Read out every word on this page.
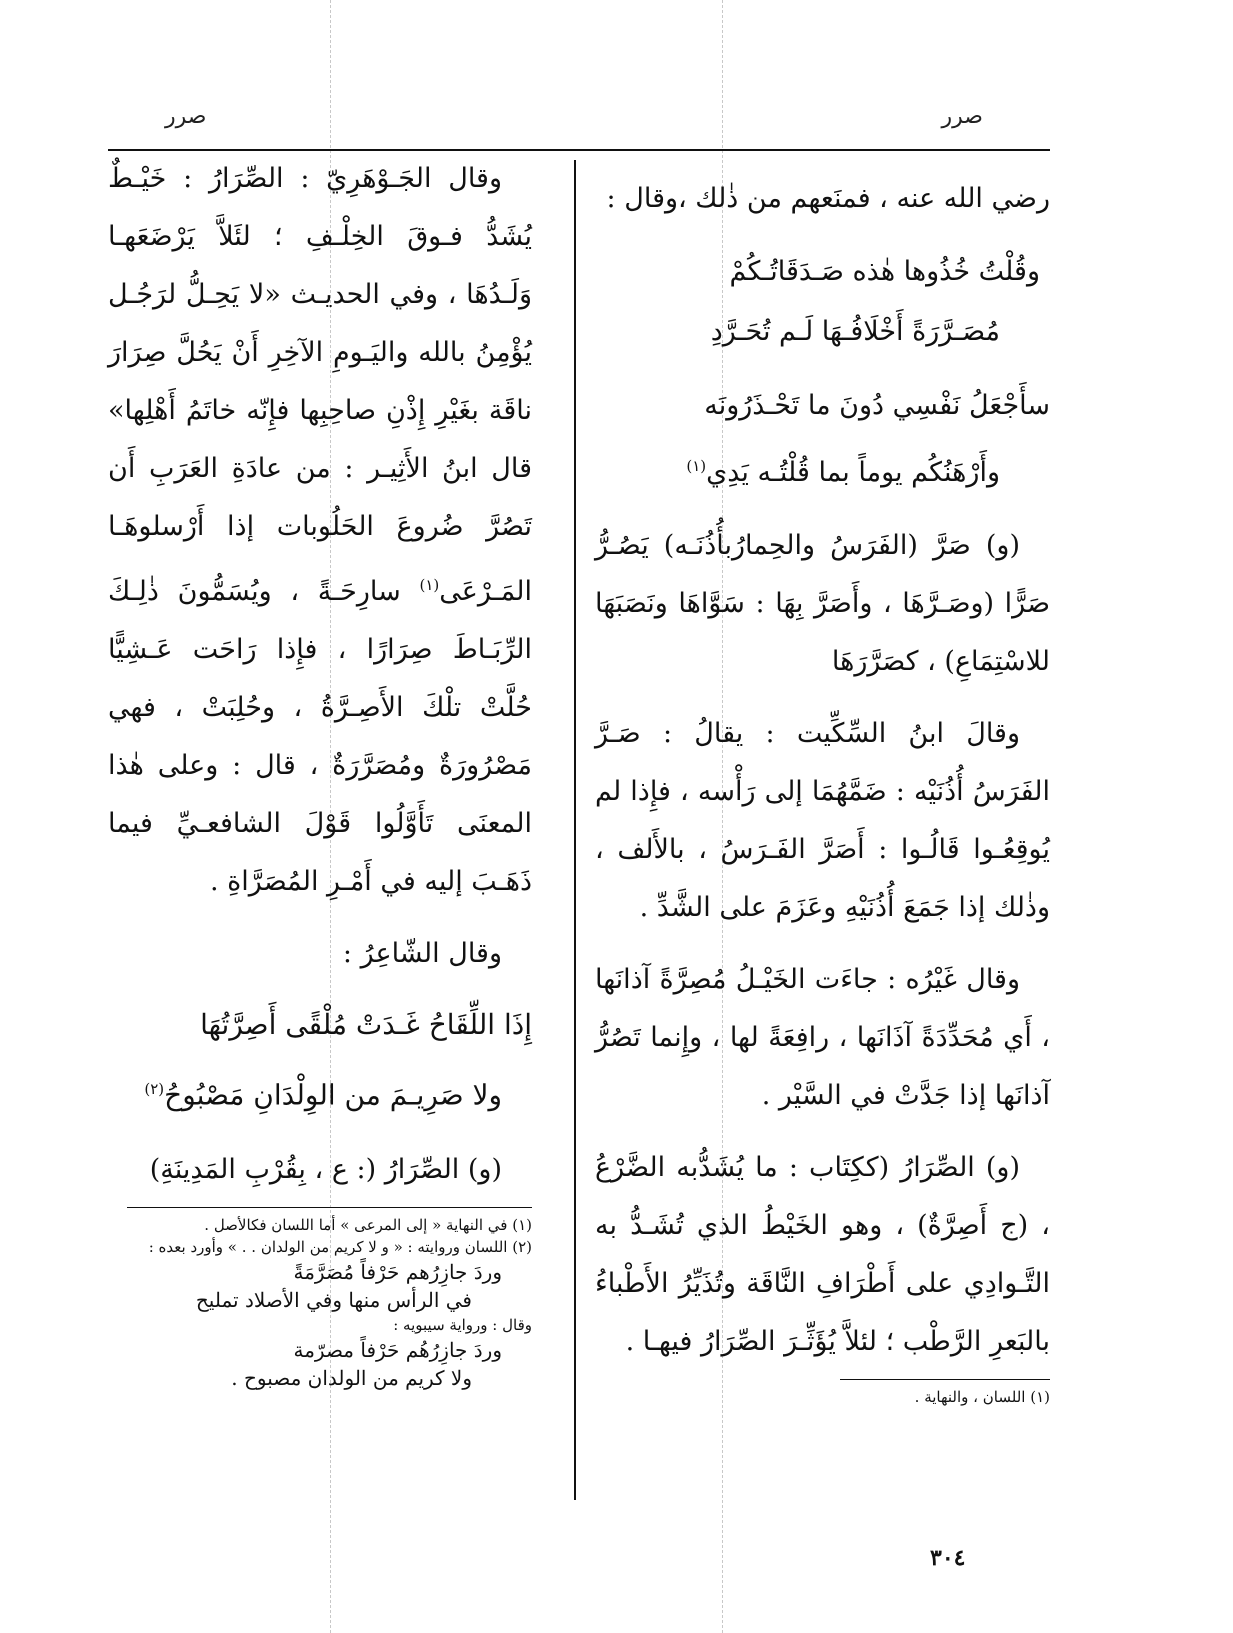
صرر
صرر

رضي الله عنه ، فمنَعهم من ذٰلك ،وقال :

وقُلْتُ خُذُوها هٰذه صَـدَقَاتُـكُمْ

مُصَـرَّرَةً أَخْلَافُـهَا لَـم تُحَـرَّدِ

سأَجْعَلُ نَفْسِي دُونَ ما تَحْـذَرُونَه

وأَرْهَنُكُم يوماً بما قُلْتُـه يَدِي$^{(١)}$

(و) صَرَّ (الفَرَسُ والحِمارُبأُذُنَـه) يَصُـرُّ صَرًّا (وصَـرَّهَا ، وأَصَرَّ بِهَا : سَوَّاهَا ونَصَبَهَا للاسْتِمَاعِ) ، كصَرَّرَهَا

وقالَ ابنُ السِّكِّيت : يقالُ : صَـرَّ الفَرَسُ أُذُنَيْه : ضَمَّهُمَا إلى رَأْسه ، فإِذا لم يُوقِعُـوا قَالُـوا : أَصَرَّ الفَـرَسُ ، بالأَلف ، وذٰلك إذا جَمَعَ أُذُنَيْهِ وعَزَمَ على الشَّدِّ .

وقال غَيْرُه : جاءَت الخَيْـلُ مُصِرَّةً آذانَها ، أَي مُحَدِّدَةً آذَانَها ، رافِعَةً لها ، وإِنما تَصُرُّ آذانَها إذا جَدَّتْ في السَّيْر .

(و) الصِّرَارُ (ككِتَاب : ما يُشَدُّبه الضَّرْعُ ، (ج أَصِرَّةٌ) ، وهو الخَيْطُ الذي تُشَـدُّ به التَّـوادِي على أَطْرَافِ النَّاقَة وتُذَيِّرُ الأَطْباءُ بالبَعرِ الرَّطْب ؛ لئلاَّ يُؤَثِّـرَ الصِّرَارُ فيهـا .

(١) اللسان ، والنهاية .

وقال الجَـوْهَرِيّ : الصِّرَارُ : خَيْـطٌ يُشَدُّ فـوقَ الخِلْـفِ ؛ لئَلاَّ يَرْضَعَهـا وَلَـدُهَا ، وفي الحديـث «لا يَحِـلُّ لرَجُـل يُؤْمِنُ بالله واليَـومِ الآخِرِ أَنْ يَحُلَّ صِرَارَ ناقَة بغَيْرِ إِذْنِ صاحِبِها فإِنّه خاتَمُ أَهْلِها» قال ابنُ الأَثِيـر : من عادَةِ العَرَبِ أَن تَصُرَّ ضُروعَ الحَلُوبات إذا أَرْسلوهَـا المَـرْعَى$^{(١)}$ سارِحَـةً ، ويُسَمُّونَ ذٰلِـكَ الرِّبَـاطَ صِرَارًا ، فإِذا رَاحَت عَـشِيًّا حُلَّتْ تلْكَ الأَصِـرَّةُ ، وحُلِبَتْ ، فهي مَصْرُورَةٌ ومُصَرَّرَةٌ ، قال : وعلى هٰذا المعنَى تَأَوَّلُوا قَوْلَ الشافعـيِّ فيما ذَهَـبَ إليه في أَمْـرِ المُصَرَّاةِ .

وقال الشّاعِرُ :

إِذَا اللِّقَاحُ غَـدَتْ مُلْقًى أَصِرَّتُهَا

ولا صَرِيـمَ من الوِلْدَانِ مَصْبُوحُ$^{(٢)}$

(و) الصِّرَارُ (: ع ، بِقُرْبِ المَدِينَةِ)

(١) في النهاية « إلى المرعى » أما اللسان فكالأصل .

(٢) اللسان وروايته : « و لا كريم من الولدان . . » وأورد بعده :

وردَ جازِرُهم حَرْفاً مُصَرَّمَةً

في الرأس منها وفي الأصلاد تمليح

وقال : ورواية سيبويه :

وردَ جازِرُهُم حَرْفاً مصرّمة

ولا كريم من الولدان مصبوح .

٣٠٤
